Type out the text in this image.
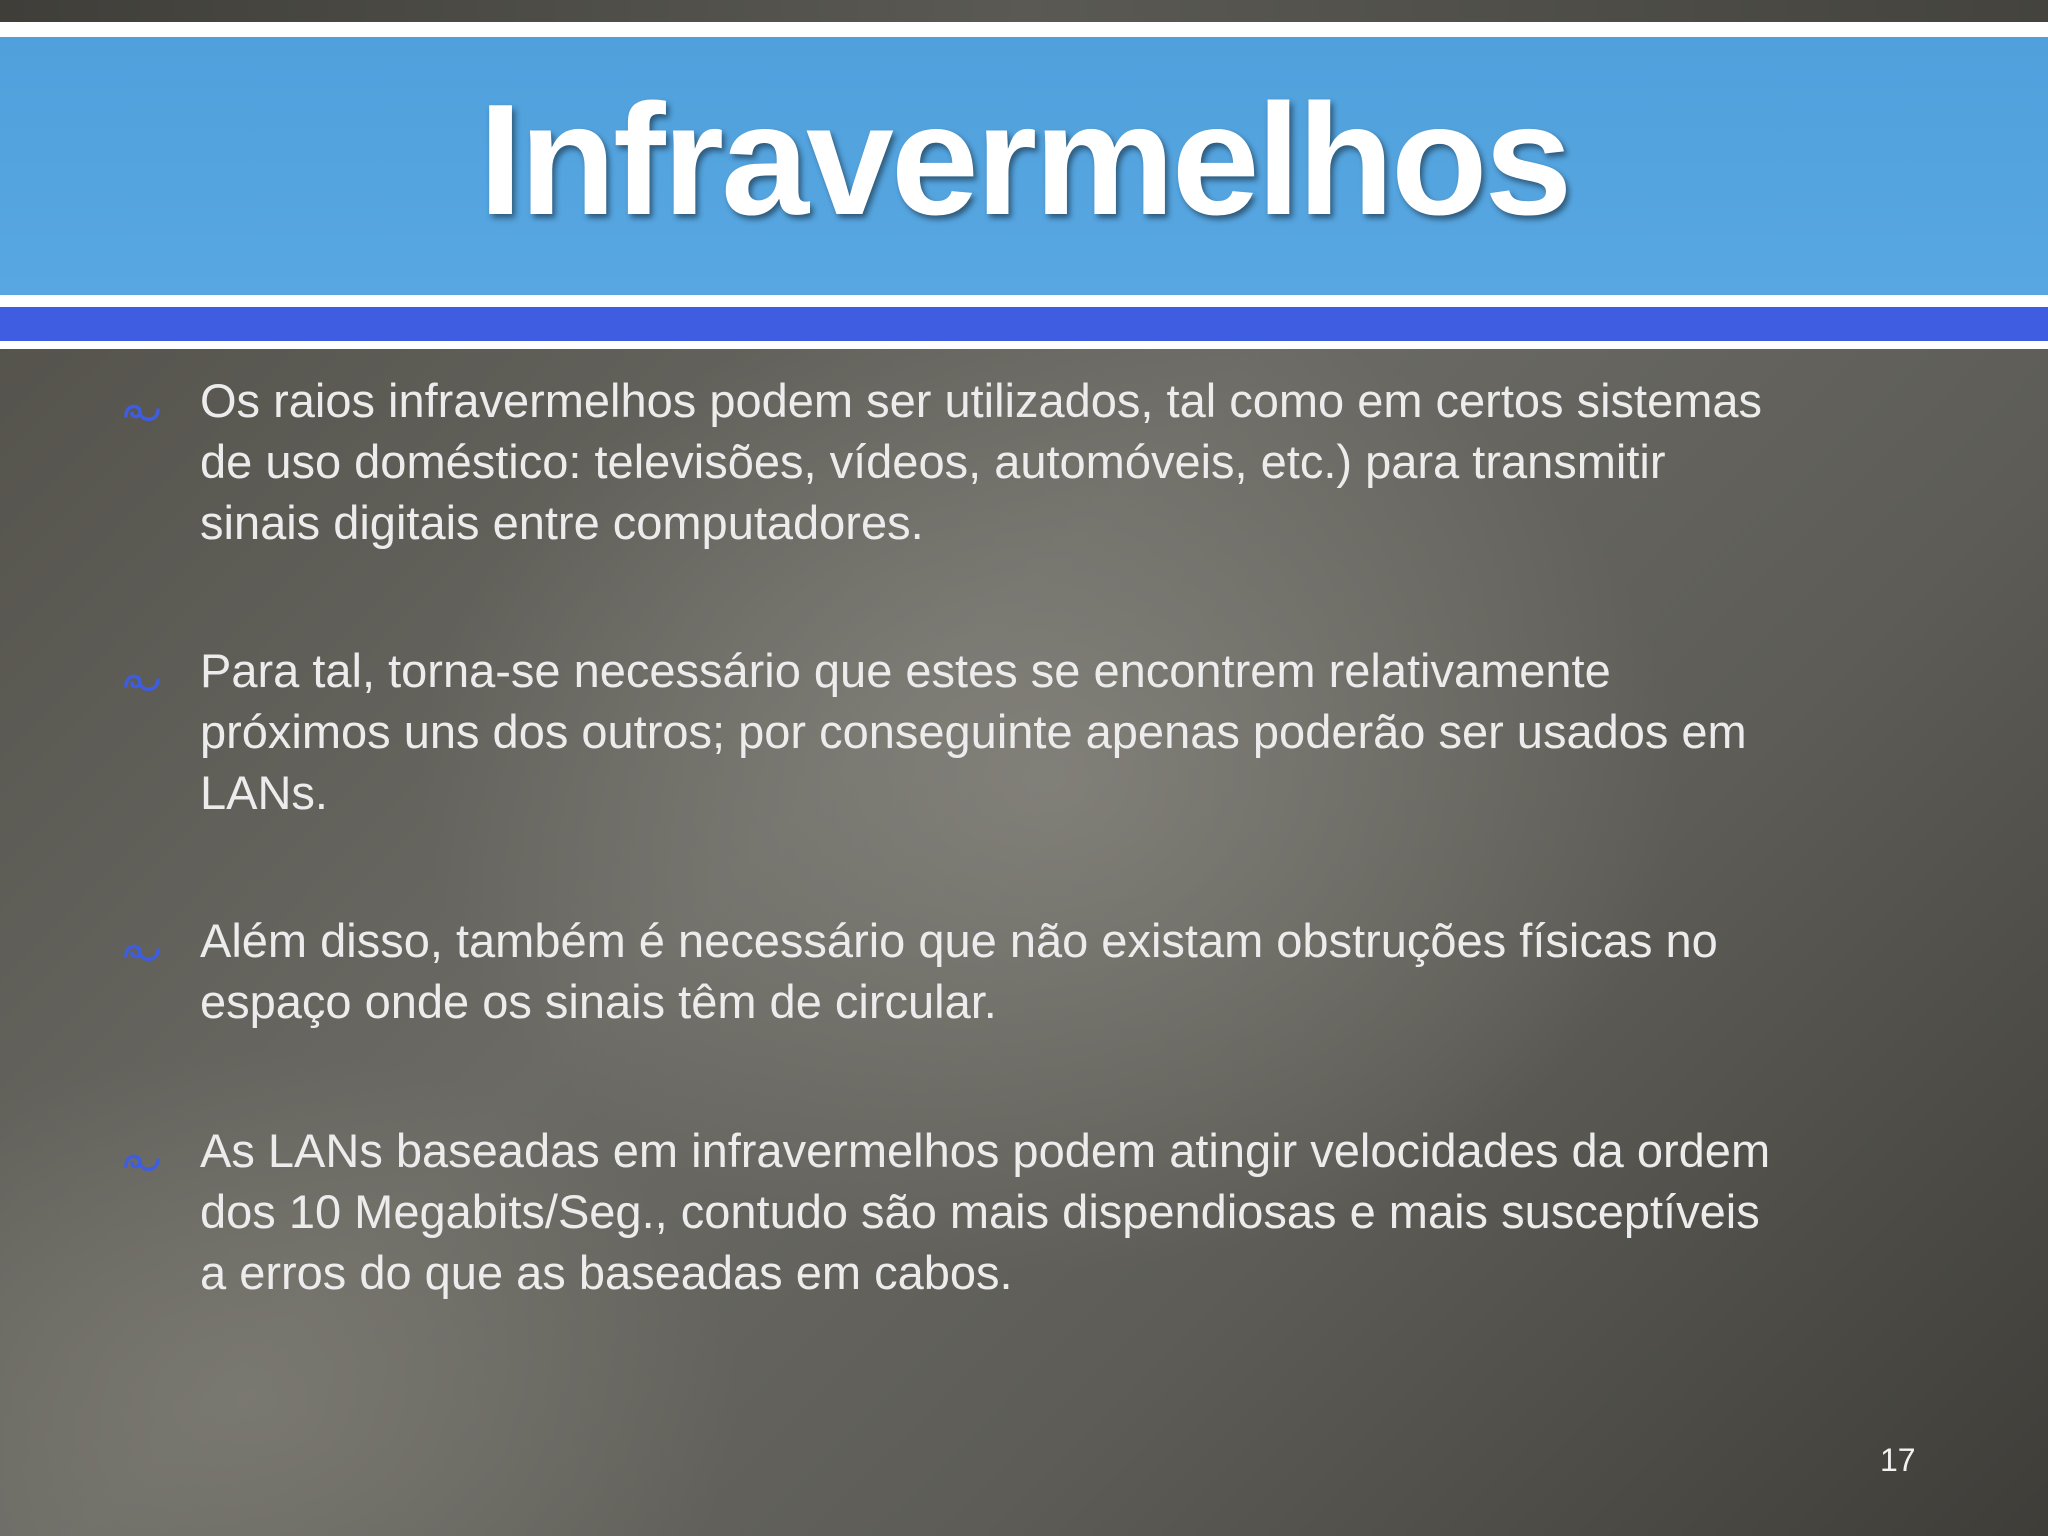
Infravermelhos
Os raios infravermelhos podem ser utilizados, tal como em certos sistemas
de uso doméstico: televisões, vídeos, automóveis, etc.) para transmitir
sinais digitais entre computadores.
Para tal, torna-se necessário que estes se encontrem relativamente
próximos uns dos outros; por conseguinte apenas poderão ser usados em
LANs.
Além disso, também é necessário que não existam obstruções físicas no
espaço onde os sinais têm de circular.
As LANs baseadas em infravermelhos podem atingir velocidades da ordem
dos 10 Megabits/Seg., contudo são mais dispendiosas e mais susceptíveis
a erros do que as baseadas em cabos.
17
